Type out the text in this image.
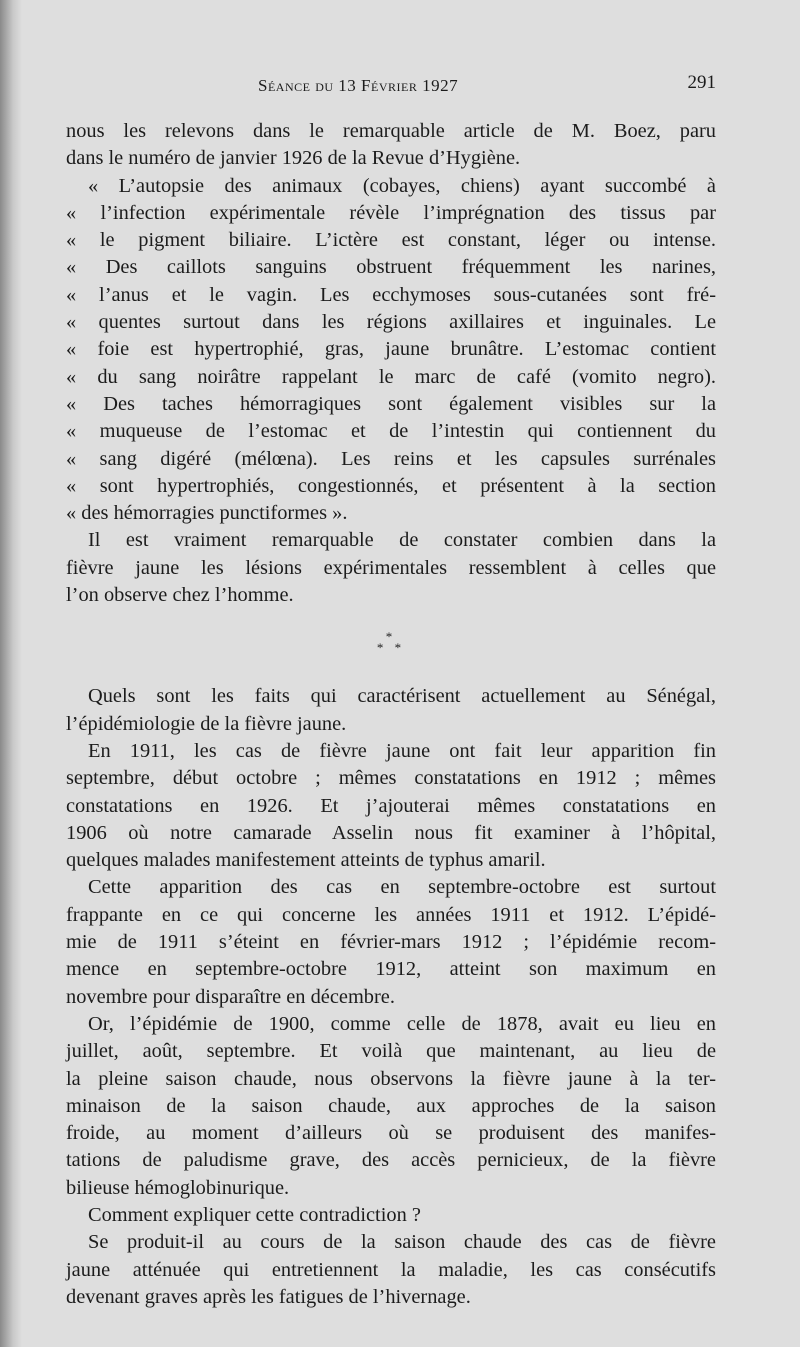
Séance du 13 Février 1927	291
nous les relevons dans le remarquable article de M. Boez, paru
dans le numéro de janvier 1926 de la Revue d’Hygiène.
« L’autopsie des animaux (cobayes, chiens) ayant succombé à
« l’infection expérimentale révèle l’imprégnation des tissus par
« le pigment biliaire. L’ictère est constant, léger ou intense.
« Des caillots sanguins obstruent fréquemment les narines,
« l’anus et le vagin. Les ecchymoses sous-cutanées sont fré-
« quentes surtout dans les régions axillaires et inguinales. Le
« foie est hypertrophié, gras, jaune brunâtre. L’estomac contient
« du sang noirâtre rappelant le marc de café (vomito negro).
« Des taches hémorragiques sont également visibles sur la
« muqueuse de l’estomac et de l’intestin qui contiennent du
« sang digéré (mélœna). Les reins et les capsules surrénales
« sont hypertrophiés, congestionnés, et présentent à la section
« des hémorragies punctiformes ».
Il est vraiment remarquable de constater combien dans la
fièvre jaune les lésions expérimentales ressemblent à celles que
l’on observe chez l’homme.
*
* *
Quels sont les faits qui caractérisent actuellement au Sénégal,
l’épidémiologie de la fièvre jaune.
En 1911, les cas de fièvre jaune ont fait leur apparition fin
septembre, début octobre ; mêmes constatations en 1912 ; mêmes
constatations en 1926. Et j’ajouterai mêmes constatations en
1906 où notre camarade Asselin nous fit examiner à l’hôpital,
quelques malades manifestement atteints de typhus amaril.
Cette apparition des cas en septembre-octobre est surtout
frappante en ce qui concerne les années 1911 et 1912. L’épidé-
mie de 1911 s’éteint en février-mars 1912 ; l’épidémie recom-
mence en septembre-octobre 1912, atteint son maximum en
novembre pour disparaître en décembre.
Or, l’épidémie de 1900, comme celle de 1878, avait eu lieu en
juillet, août, septembre. Et voilà que maintenant, au lieu de
la pleine saison chaude, nous observons la fièvre jaune à la ter-
minaison de la saison chaude, aux approches de la saison
froide, au moment d’ailleurs où se produisent des manifes-
tations de paludisme grave, des accès pernicieux, de la fièvre
bilieuse hémoglobinurique.
Comment expliquer cette contradiction ?
Se produit-il au cours de la saison chaude des cas de fièvre
jaune atténuée qui entretiennent la maladie, les cas consécutifs
devenant graves après les fatigues de l’hivernage.
